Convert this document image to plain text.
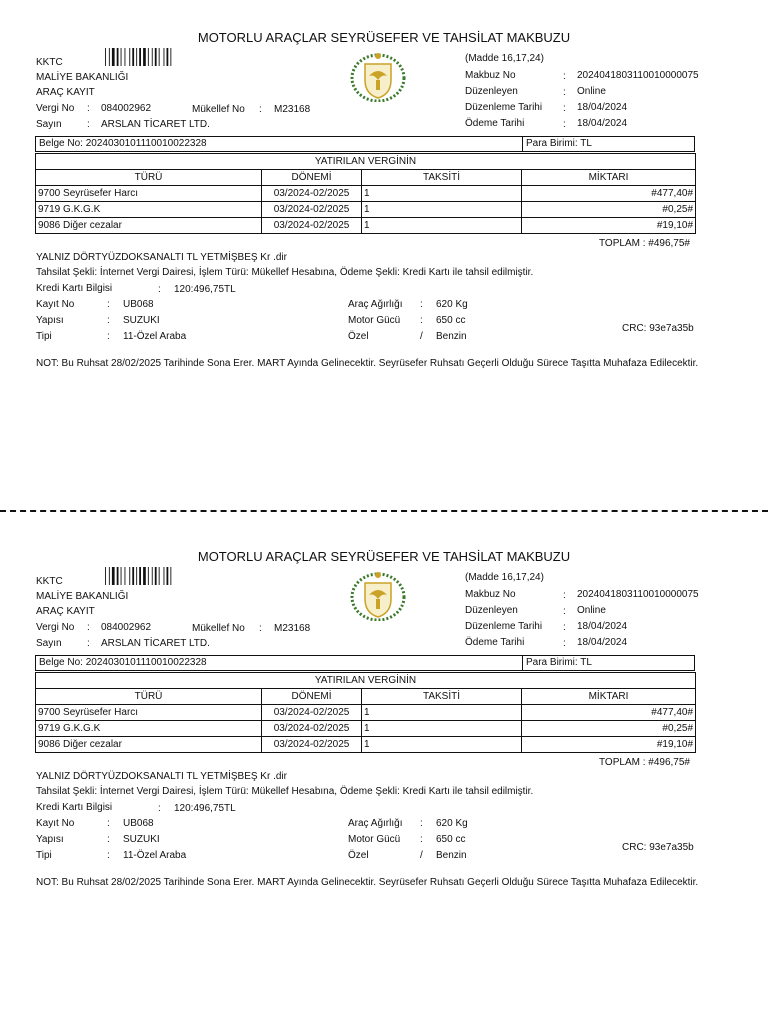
MOTORLU ARAÇLAR SEYRÜSEFER VE TAHSİLAT MAKBUZU
(Madde 16,17,24)
KKTC
MALİYE BAKANLIĞI
ARAÇ KAYIT
Vergi No : 084002962	Mükellef No : M23168
Sayın	: ARSLAN TİCARET LTD.
Makbuz No	: 2024041803110010000075
Düzenleyen	: Online
Düzenleme Tarihi : 18/04/2024
Ödeme Tarihi	: 18/04/2024
Belge No: 2024030101110010022328	Para Birimi: TL
YATIRILAN VERGİNİN			
TÜRÜ	DÖNEMİ	TAKSİTİ	MİKTARI
9700 Seyrüsefer Harcı	03/2024-02/2025	1	#477,40#
9719 G.K.G.K	03/2024-02/2025	1	#0,25#
9086 Diğer cezalar	03/2024-02/2025	1	#19,10#
TOPLAM : #496,75#
YALNIZ DÖRTYÜZDOKSANALTI TL YETMİŞBEŞ Kr .dir
Tahsilat Şekli: İnternet Vergi Dairesi, İşlem Türü: Mükellef Hesabına, Ödeme Şekli: Kredi Kartı ile tahsil edilmiştir.
Kredi Kartı Bilgisi	: 120:496,75TL
Kayıt No	: UB068
Yapısı	: SUZUKI
Tipi	: 11-Özel Araba
Araç Ağırlığı : 620 Kg
Motor Gücü : 650 cc
Özel	/ Benzin
CRC: 93e7a35b
NOT: Bu Ruhsat 28/02/2025 Tarihinde Sona Erer. MART Ayında Gelinecektir. Seyrüsefer Ruhsatı Geçerli Olduğu Sürece Taşıtta Muhafaza Edilecektir.
MOTORLU ARAÇLAR SEYRÜSEFER VE TAHSİLAT MAKBUZU
(Madde 16,17,24)
KKTC
MALİYE BAKANLIĞI
ARAÇ KAYIT
Vergi No : 084002962	Mükellef No : M23168
Sayın	: ARSLAN TİCARET LTD.
Makbuz No	: 2024041803110010000075
Düzenleyen	: Online
Düzenleme Tarihi : 18/04/2024
Ödeme Tarihi	: 18/04/2024
Belge No: 2024030101110010022328	Para Birimi: TL
YATIRILAN VERGİNİN			
TÜRÜ	DÖNEMİ	TAKSİTİ	MİKTARI
9700 Seyrüsefer Harcı	03/2024-02/2025	1	#477,40#
9719 G.K.G.K	03/2024-02/2025	1	#0,25#
9086 Diğer cezalar	03/2024-02/2025	1	#19,10#
TOPLAM : #496,75#
YALNIZ DÖRTYÜZDOKSANALTI TL YETMİŞBEŞ Kr .dir
Tahsilat Şekli: İnternet Vergi Dairesi, İşlem Türü: Mükellef Hesabına, Ödeme Şekli: Kredi Kartı ile tahsil edilmiştir.
Kredi Kartı Bilgisi	: 120:496,75TL
Kayıt No	: UB068
Yapısı	: SUZUKI
Tipi	: 11-Özel Araba
Araç Ağırlığı : 620 Kg
Motor Gücü : 650 cc
Özel	/ Benzin
CRC: 93e7a35b
NOT: Bu Ruhsat 28/02/2025 Tarihinde Sona Erer. MART Ayında Gelinecektir. Seyrüsefer Ruhsatı Geçerli Olduğu Sürece Taşıtta Muhafaza Edilecektir.
